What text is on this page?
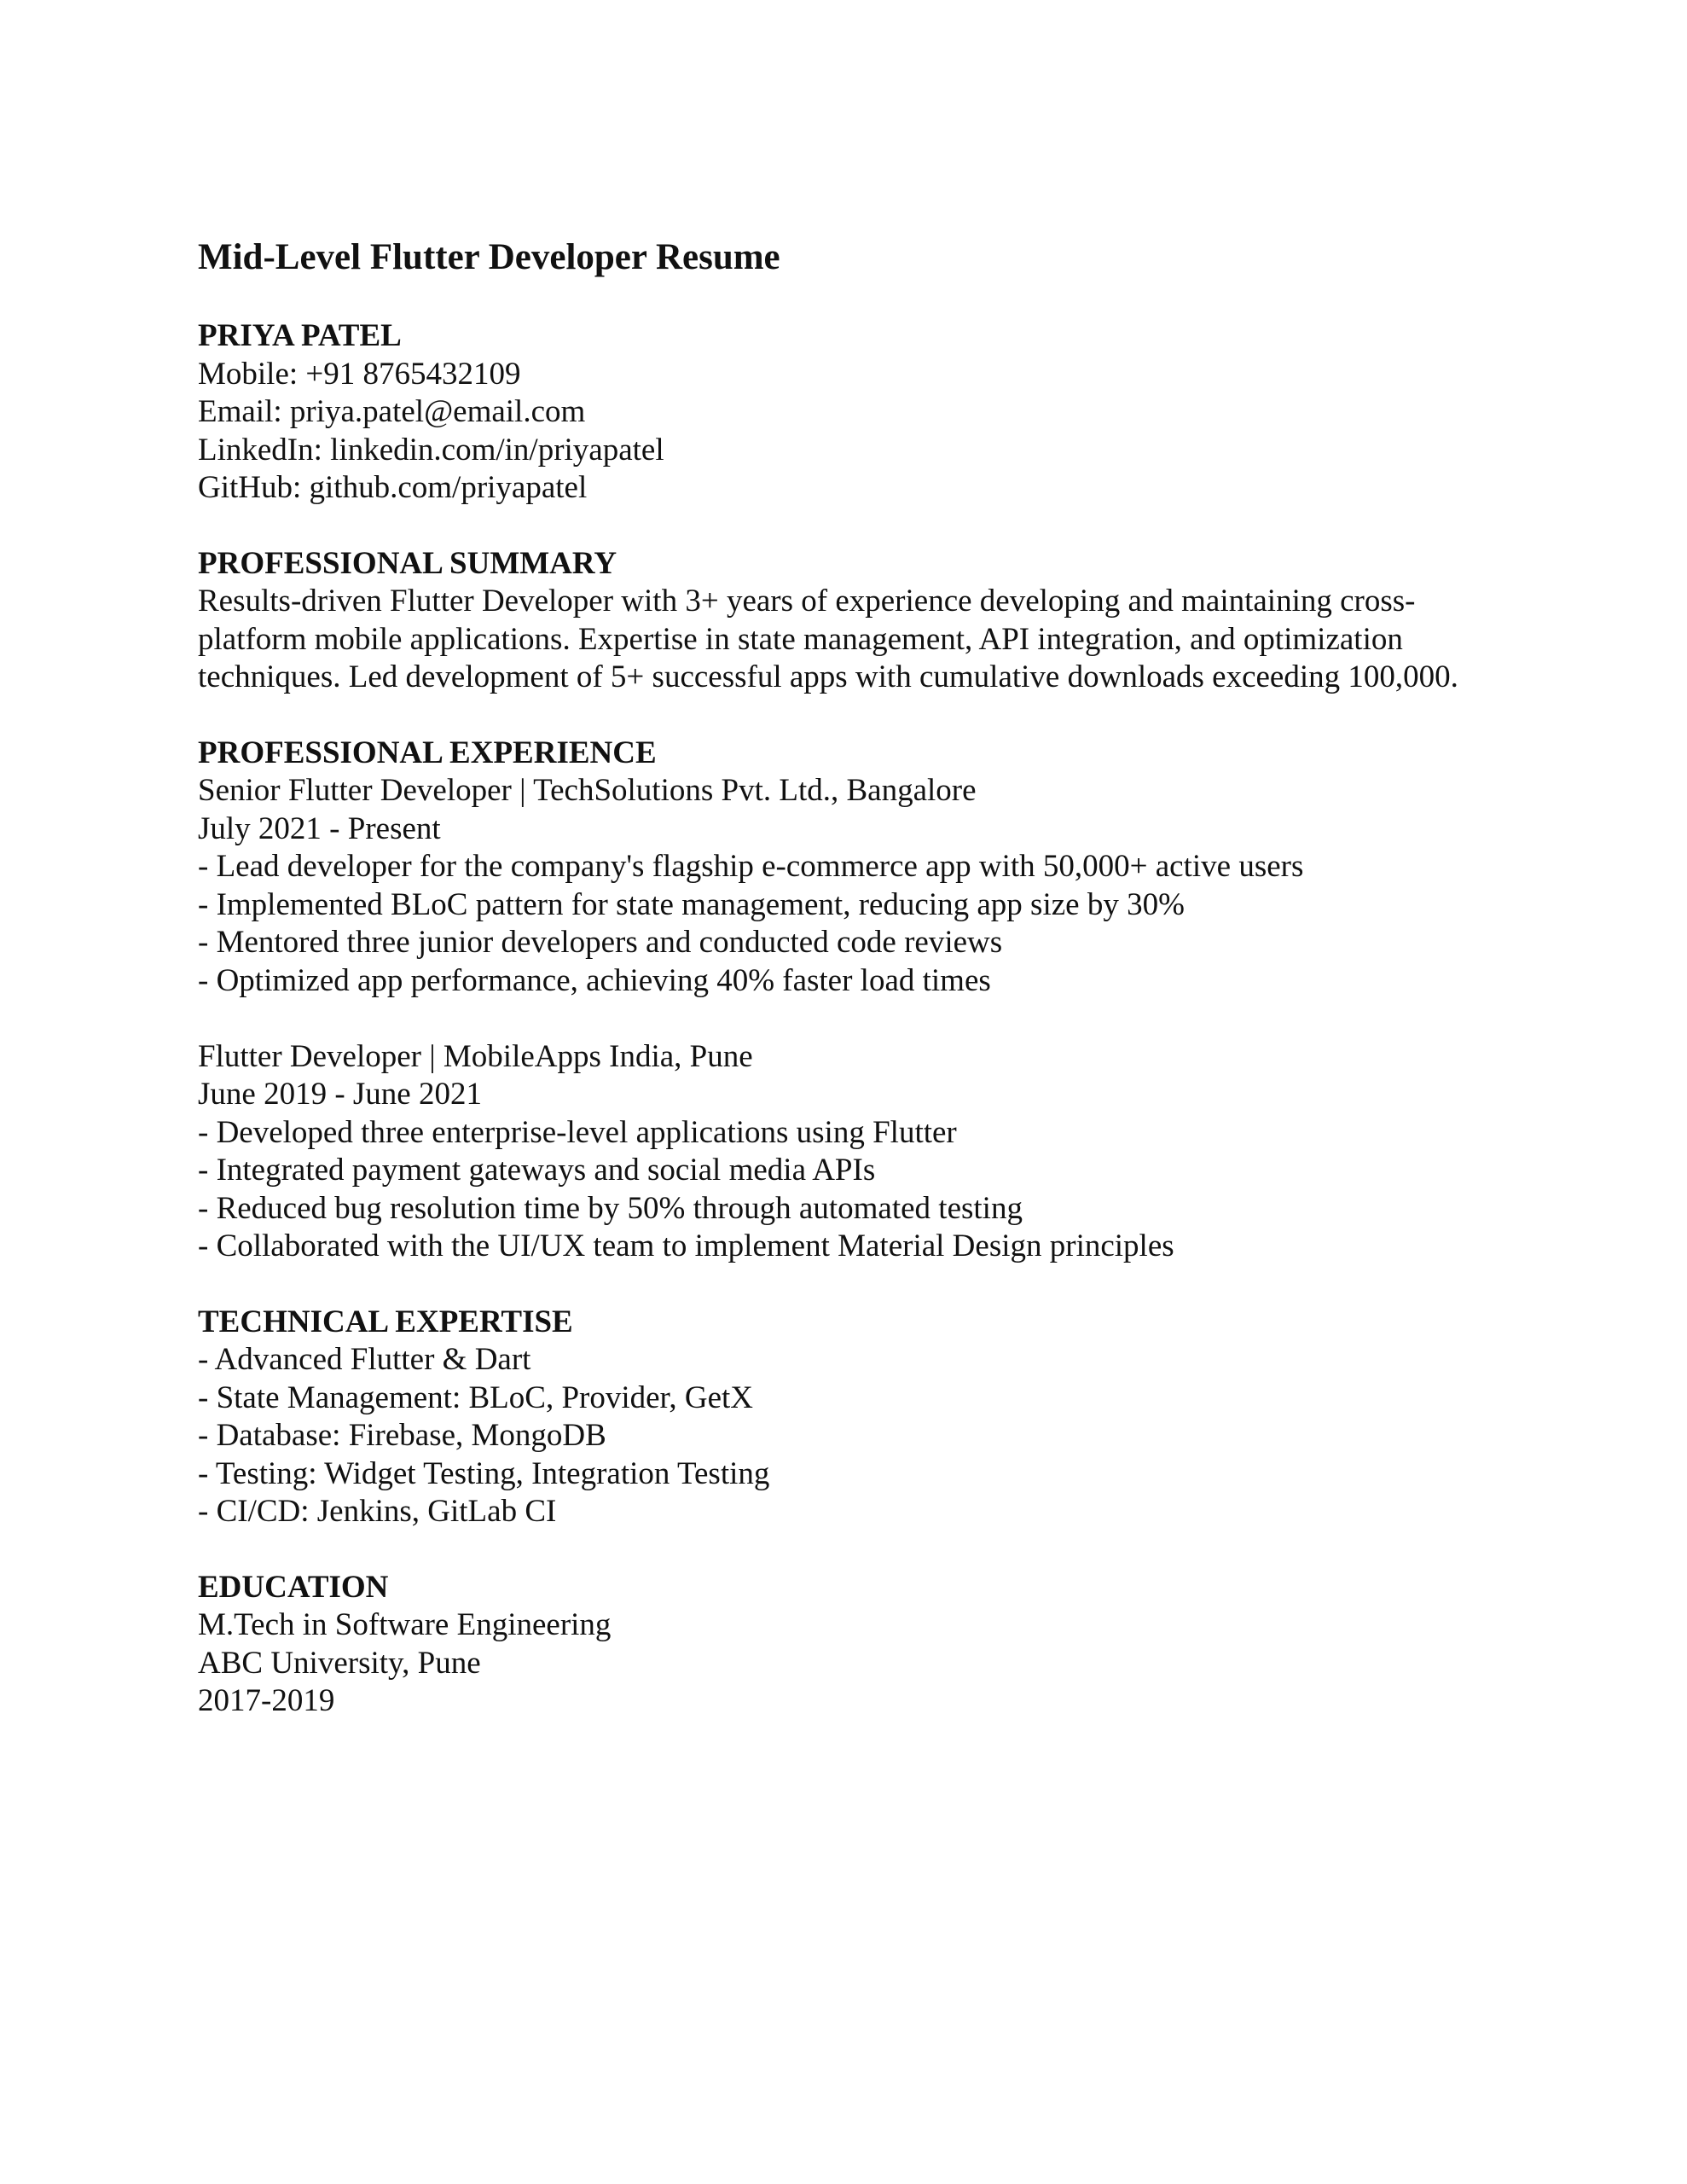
Mid-Level Flutter Developer Resume
PRIYA PATEL
Mobile: +91 8765432109
Email: priya.patel@email.com
LinkedIn: linkedin.com/in/priyapatel
GitHub: github.com/priyapatel
PROFESSIONAL SUMMARY
Results-driven Flutter Developer with 3+ years of experience developing and maintaining cross-platform mobile applications. Expertise in state management, API integration, and optimization techniques. Led development of 5+ successful apps with cumulative downloads exceeding 100,000.
PROFESSIONAL EXPERIENCE
Senior Flutter Developer | TechSolutions Pvt. Ltd., Bangalore
July 2021 - Present
- Lead developer for the company's flagship e-commerce app with 50,000+ active users
- Implemented BLoC pattern for state management, reducing app size by 30%
- Mentored three junior developers and conducted code reviews
- Optimized app performance, achieving 40% faster load times
Flutter Developer | MobileApps India, Pune
June 2019 - June 2021
- Developed three enterprise-level applications using Flutter
- Integrated payment gateways and social media APIs
- Reduced bug resolution time by 50% through automated testing
- Collaborated with the UI/UX team to implement Material Design principles
TECHNICAL EXPERTISE
- Advanced Flutter & Dart
- State Management: BLoC, Provider, GetX
- Database: Firebase, MongoDB
- Testing: Widget Testing, Integration Testing
- CI/CD: Jenkins, GitLab CI
EDUCATION
M.Tech in Software Engineering
ABC University, Pune
2017-2019
